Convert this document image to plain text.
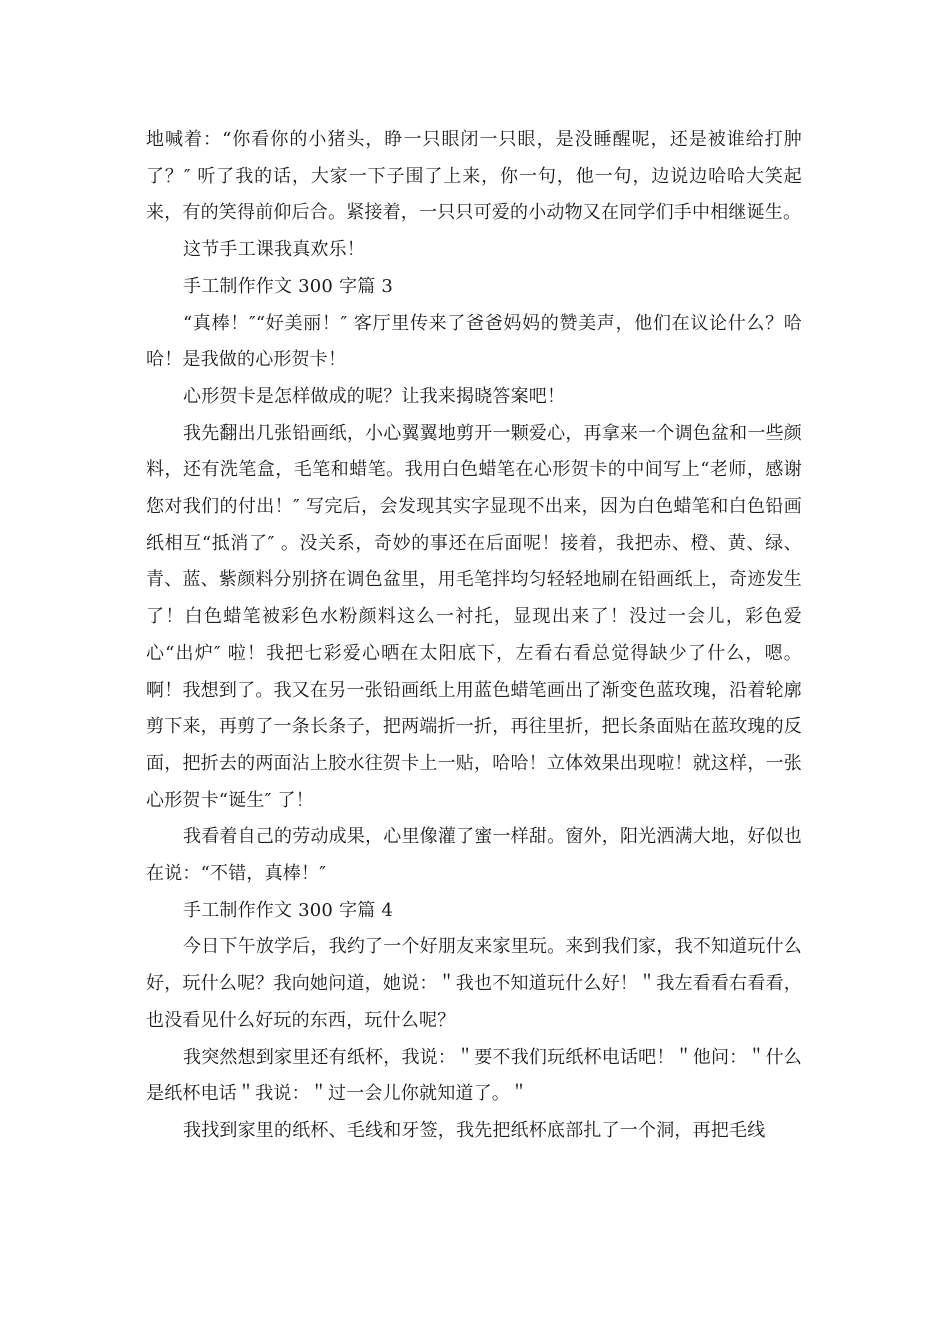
地喊着：“你看你的小猪头，睁一只眼闭一只眼，是没睡醒呢，还是被谁给打肿了？″ 听了我的话，大家一下子围了上来，你一句，他一句，边说边哈哈大笑起来，有的笑得前仰后合。紧接着，一只只可爱的小动物又在同学们手中相继诞生。

这节手工课我真欢乐！

手工制作作文 300 字篇 3

“真棒！″“好美丽！″ 客厅里传来了爸爸妈妈的赞美声，他们在议论什么？哈哈！是我做的心形贺卡！

心形贺卡是怎样做成的呢？让我来揭晓答案吧！

我先翻出几张铅画纸，小心翼翼地剪开一颗爱心，再拿来一个调色盆和一些颜料，还有洗笔盒，毛笔和蜡笔。我用白色蜡笔在心形贺卡的中间写上“老师，感谢您对我们的付出！″ 写完后，会发现其实字显现不出来，因为白色蜡笔和白色铅画纸相互“抵消了″ 。没关系，奇妙的事还在后面呢！接着，我把赤、橙、黄、绿、青、蓝、紫颜料分别挤在调色盆里，用毛笔拌均匀轻轻地刷在铅画纸上，奇迹发生了！白色蜡笔被彩色水粉颜料这么一衬托，显现出来了！没过一会儿，彩色爱心“出炉″ 啦！我把七彩爱心晒在太阳底下，左看右看总觉得缺少了什么，嗯。啊！我想到了。我又在另一张铅画纸上用蓝色蜡笔画出了渐变色蓝玫瑰，沿着轮廓剪下来，再剪了一条长条子，把两端折一折，再往里折，把长条面贴在蓝玫瑰的反面，把折去的两面沾上胶水往贺卡上一贴，哈哈！立体效果出现啦！就这样，一张心形贺卡“诞生″ 了！

我看着自己的劳动成果，心里像灌了蜜一样甜。窗外，阳光洒满大地，好似也在说：“不错，真棒！″

手工制作作文 300 字篇 4

今日下午放学后，我约了一个好朋友来家里玩。来到我们家，我不知道玩什么好，玩什么呢？我向她问道，她说：＂我也不知道玩什么好！＂我左看看右看看，也没看见什么好玩的东西，玩什么呢？

我突然想到家里还有纸杯，我说：＂要不我们玩纸杯电话吧！＂他问：＂什么是纸杯电话＂我说：＂过一会儿你就知道了。＂

我找到家里的纸杯、毛线和牙签，我先把纸杯底部扎了一个洞，再把毛线
